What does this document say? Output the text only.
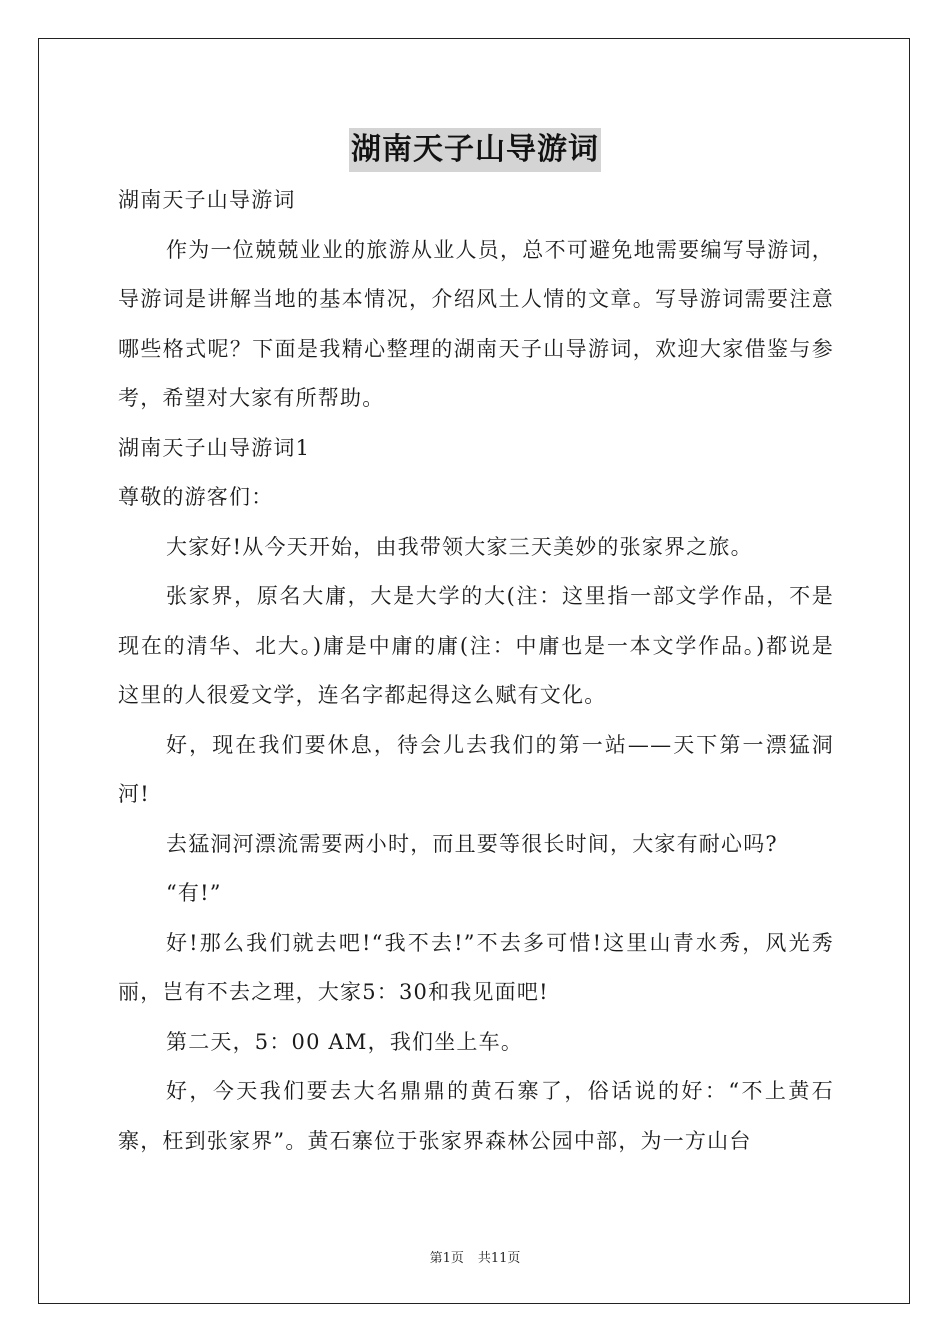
湖南天子山导游词

湖南天子山导游词

作为一位兢兢业业的旅游从业人员，总不可避免地需要编写导游词，导游词是讲解当地的基本情况，介绍风土人情的文章。写导游词需要注意哪些格式呢？下面是我精心整理的湖南天子山导游词，欢迎大家借鉴与参考，希望对大家有所帮助。

湖南天子山导游词1

尊敬的游客们：

大家好!从今天开始，由我带领大家三天美妙的张家界之旅。

张家界，原名大庸，大是大学的大(注：这里指一部文学作品，不是现在的清华、北大。)庸是中庸的庸(注：中庸也是一本文学作品。)都说是这里的人很爱文学，连名字都起得这么赋有文化。

好，现在我们要休息，待会儿去我们的第一站——天下第一漂猛洞河!

去猛洞河漂流需要两小时，而且要等很长时间，大家有耐心吗?

“有!”

好!那么我们就去吧!“我不去!”不去多可惜!这里山青水秀，风光秀丽，岂有不去之理，大家5：30和我见面吧!

第二天，5：00 AM，我们坐上车。

好，今天我们要去大名鼎鼎的黄石寨了，俗话说的好：“不上黄石寨，枉到张家界”。黄石寨位于张家界森林公园中部，为一方山台

第1页 共11页
